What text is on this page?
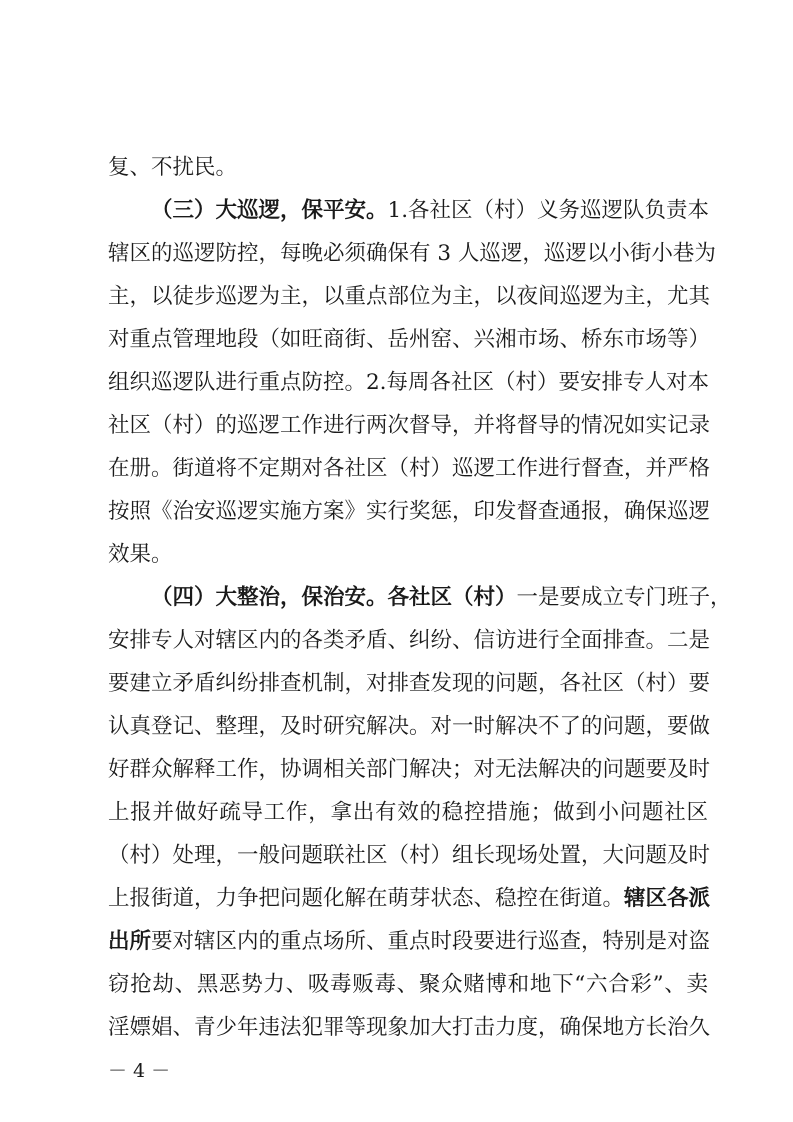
复、不扰民。
（三）大巡逻，保平安。1.各社区（村）义务巡逻队负责本
辖区的巡逻防控，每晚必须确保有 3 人巡逻，巡逻以小街小巷为
主，以徒步巡逻为主，以重点部位为主，以夜间巡逻为主，尤其
对重点管理地段（如旺商街、岳州窑、兴湘市场、桥东市场等）
组织巡逻队进行重点防控。2.每周各社区（村）要安排专人对本
社区（村）的巡逻工作进行两次督导，并将督导的情况如实记录
在册。街道将不定期对各社区（村）巡逻工作进行督查，并严格
按照《治安巡逻实施方案》实行奖惩，印发督查通报，确保巡逻
效果。
（四）大整治，保治安。各社区（村）一是要成立专门班子，
安排专人对辖区内的各类矛盾、纠纷、信访进行全面排查。二是
要建立矛盾纠纷排查机制，对排查发现的问题，各社区（村）要
认真登记、整理，及时研究解决。对一时解决不了的问题，要做
好群众解释工作，协调相关部门解决；对无法解决的问题要及时
上报并做好疏导工作，拿出有效的稳控措施；做到小问题社区
（村）处理，一般问题联社区（村）组长现场处置，大问题及时
上报街道，力争把问题化解在萌芽状态、稳控在街道。辖区各派
出所要对辖区内的重点场所、重点时段要进行巡查，特别是对盗
窃抢劫、黑恶势力、吸毒贩毒、聚众赌博和地下“六合彩”、卖
淫嫖娼、青少年违法犯罪等现象加大打击力度，确保地方长治久
－ 4 －
